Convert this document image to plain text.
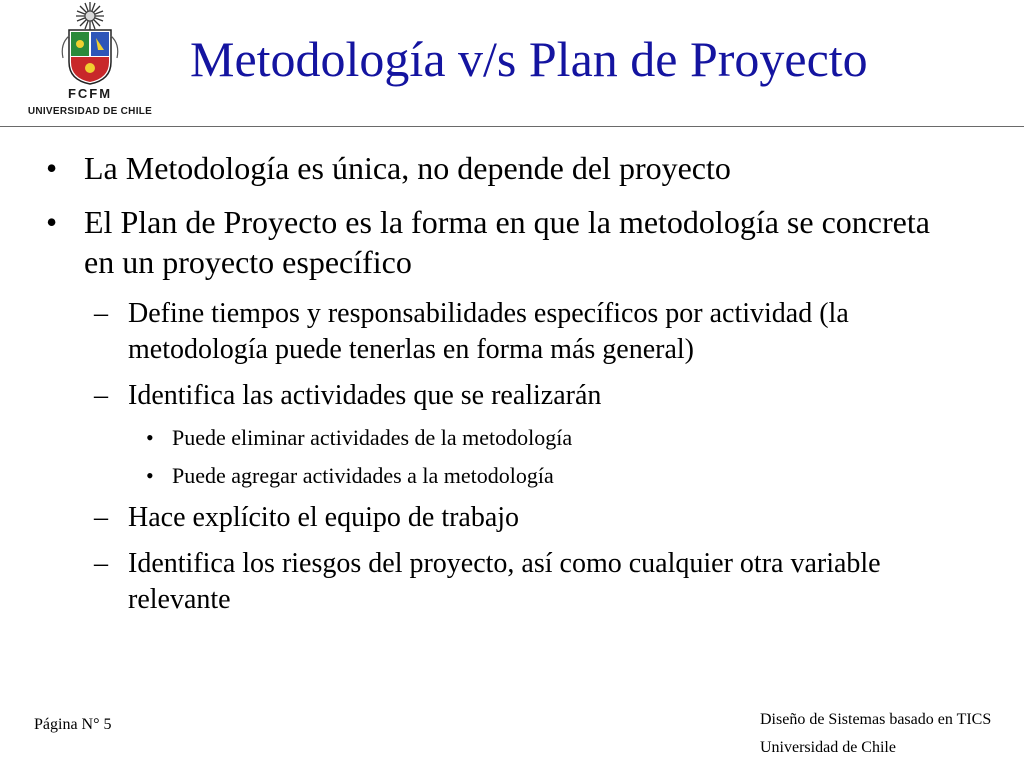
FCFM
UNIVERSIDAD DE CHILE
Metodología v/s Plan de Proyecto
• La Metodología es única, no depende del proyecto
• El Plan de Proyecto es la forma en que la metodología se concreta en un proyecto específico
– Define tiempos y responsabilidades específicos por actividad (la metodología puede tenerlas en forma más general)
– Identifica las actividades que se realizarán
• Puede eliminar actividades de la metodología
• Puede agregar actividades a la metodología
– Hace explícito el equipo de trabajo
– Identifica los riesgos del proyecto, así como cualquier otra variable relevante
Página N° 5	Diseño de Sistemas basado en TICS
Universidad de Chile
